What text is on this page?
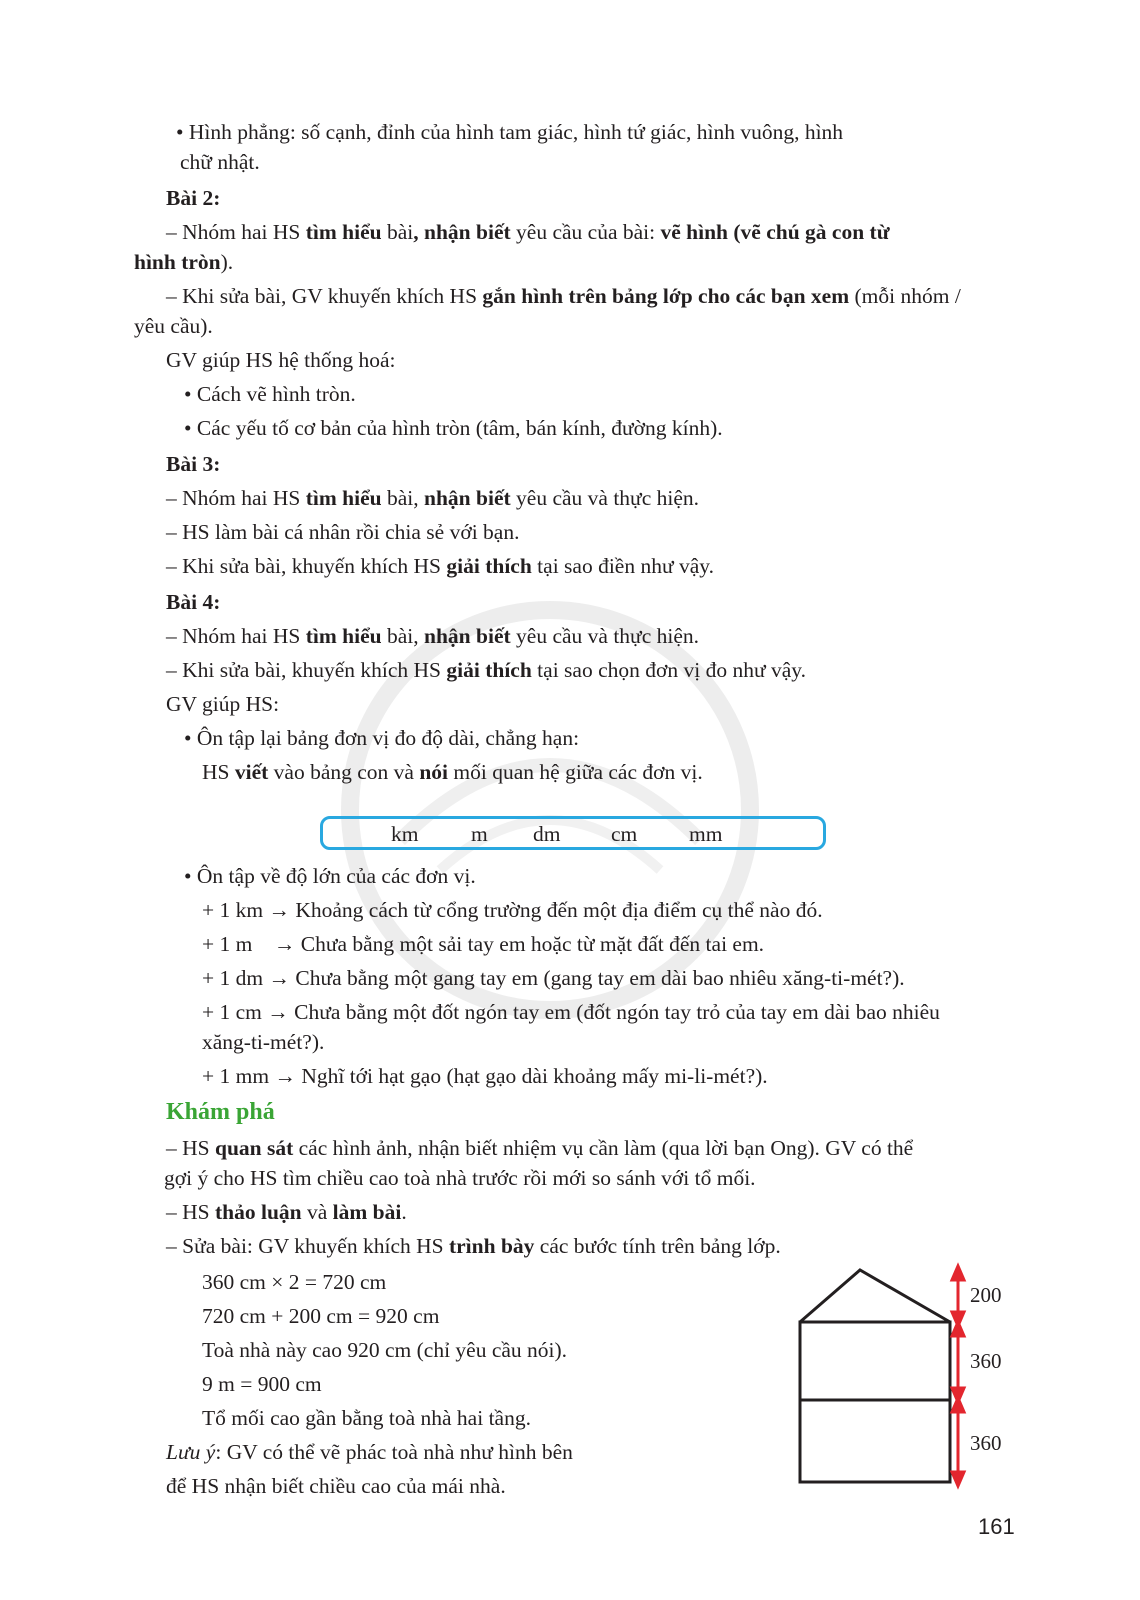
• Hình phẳng: số cạnh, đỉnh của hình tam giác, hình tứ giác, hình vuông, hình
chữ nhật.
Bài 2:
– Nhóm hai HS tìm hiểu bài, nhận biết yêu cầu của bài: vẽ hình (vẽ chú gà con từ
hình tròn).
– Khi sửa bài, GV khuyến khích HS gắn hình trên bảng lớp cho các bạn xem (mỗi nhóm /
yêu cầu).
GV giúp HS hệ thống hoá:
• Cách vẽ hình tròn.
• Các yếu tố cơ bản của hình tròn (tâm, bán kính, đường kính).
Bài 3:
– Nhóm hai HS tìm hiểu bài, nhận biết yêu cầu và thực hiện.
– HS làm bài cá nhân rồi chia sẻ với bạn.
– Khi sửa bài, khuyến khích HS giải thích tại sao điền như vậy.
Bài 4:
– Nhóm hai HS tìm hiểu bài, nhận biết yêu cầu và thực hiện.
– Khi sửa bài, khuyến khích HS giải thích tại sao chọn đơn vị đo như vậy.
GV giúp HS:
• Ôn tập lại bảng đơn vị đo độ dài, chẳng hạn:
HS viết vào bảng con và nói mối quan hệ giữa các đơn vị.
km m dm cm mm
• Ôn tập về độ lớn của các đơn vị.
+ 1 km → Khoảng cách từ cổng trường đến một địa điểm cụ thể nào đó.
+ 1 m    → Chưa bằng một sải tay em hoặc từ mặt đất đến tai em.
+ 1 dm → Chưa bằng một gang tay em (gang tay em dài bao nhiêu xăng-ti-mét?).
+ 1 cm → Chưa bằng một đốt ngón tay em (đốt ngón tay trỏ của tay em dài bao nhiêu
xăng-ti-mét?).
+ 1 mm → Nghĩ tới hạt gạo (hạt gạo dài khoảng mấy mi-li-mét?).
Khám phá
– HS quan sát các hình ảnh, nhận biết nhiệm vụ cần làm (qua lời bạn Ong). GV có thể
gợi ý cho HS tìm chiều cao toà nhà trước rồi mới so sánh với tổ mối.
– HS thảo luận và làm bài.
– Sửa bài: GV khuyến khích HS trình bày các bước tính trên bảng lớp.
360 cm × 2 = 720 cm
720 cm + 200 cm = 920 cm
Toà nhà này cao 920 cm (chỉ yêu cầu nói).
9 m = 900 cm
Tổ mối cao gần bằng toà nhà hai tầng.
Lưu ý: GV có thể vẽ phác toà nhà như hình bên
để HS nhận biết chiều cao của mái nhà.
200
360
360
161
